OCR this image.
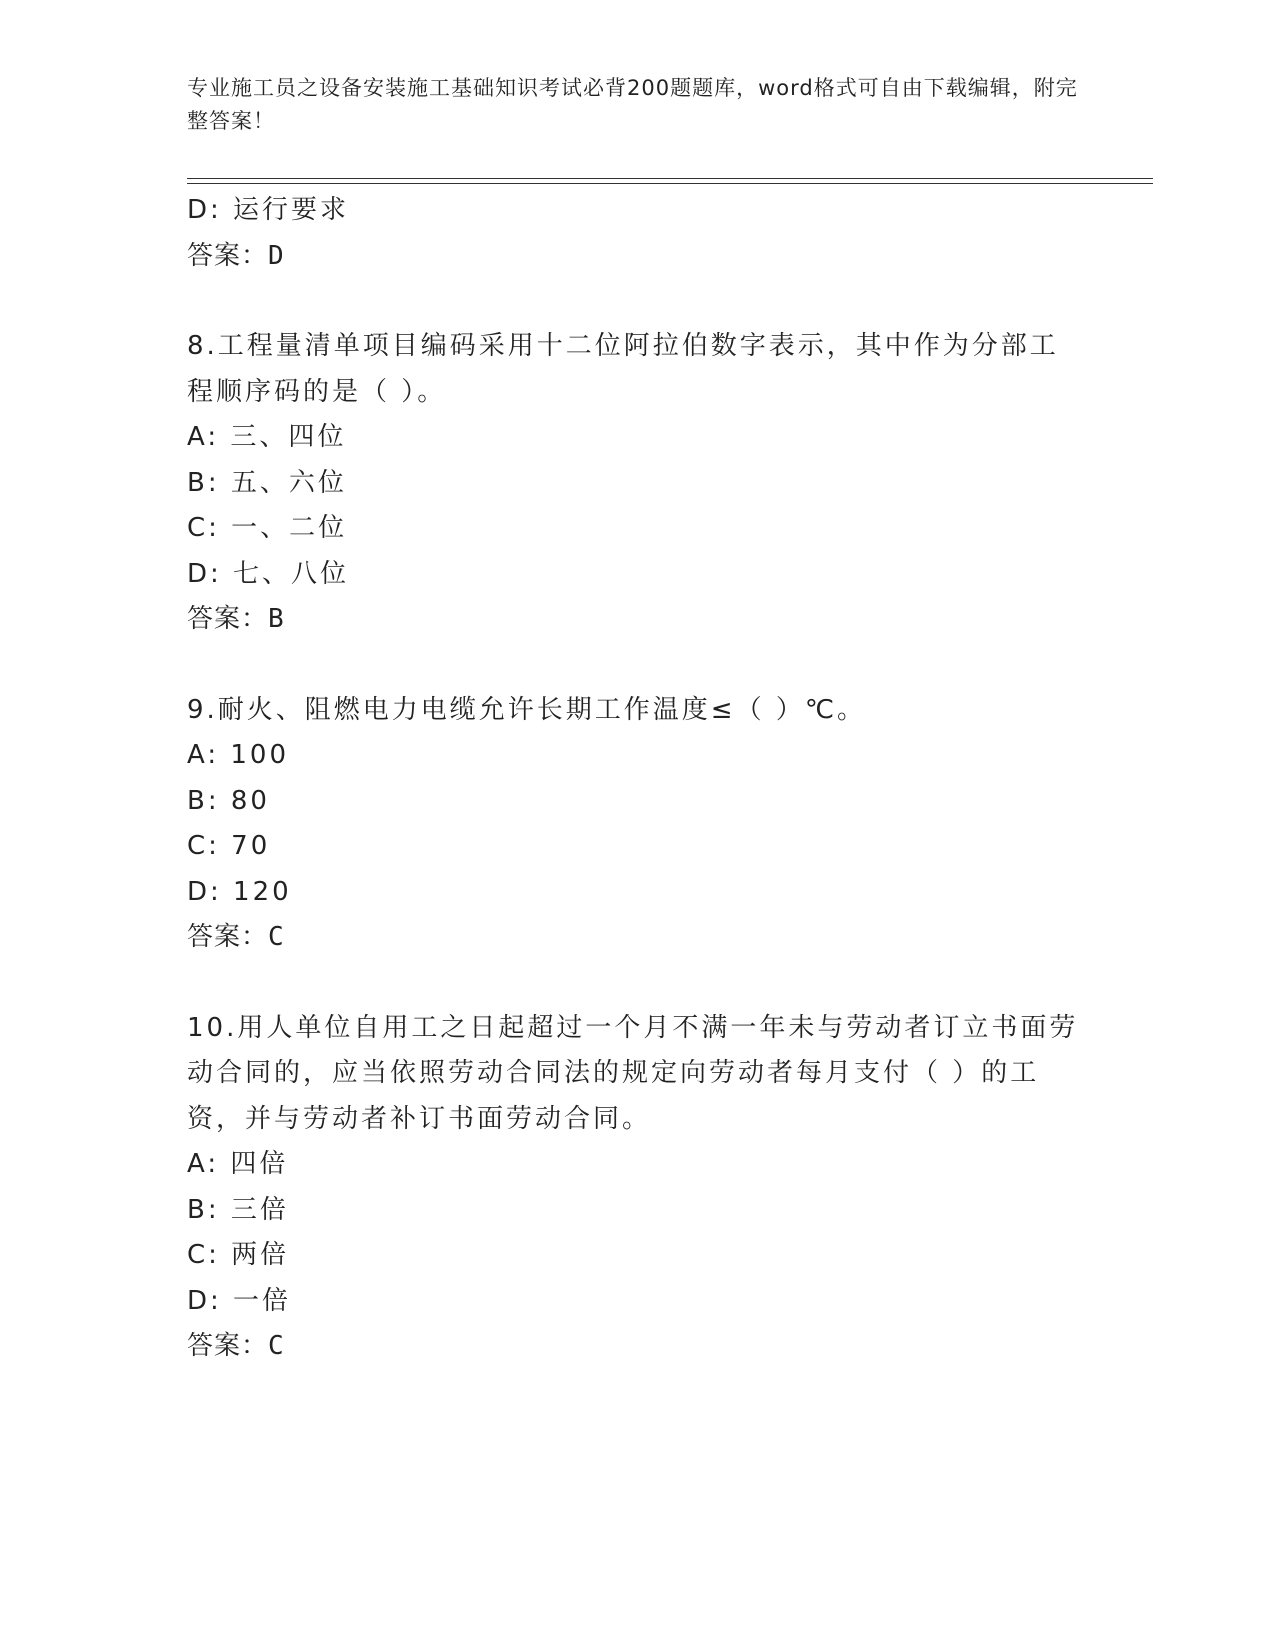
专业施工员之设备安装施工基础知识考试必背200题题库，word格式可自由下载编辑，附完整答案！
D: 运行要求
答案：D
8.工程量清单项目编码采用十二位阿拉伯数字表示，其中作为分部工程顺序码的是（ ）。
A: 三、四位
B: 五、六位
C: 一、二位
D: 七、八位
答案：B
9.耐火、阻燃电力电缆允许长期工作温度≤（ ）℃。
A: 100
B: 80
C: 70
D: 120
答案：C
10.用人单位自用工之日起超过一个月不满一年未与劳动者订立书面劳动合同的，应当依照劳动合同法的规定向劳动者每月支付（ ）的工资，并与劳动者补订书面劳动合同。
A: 四倍
B: 三倍
C: 两倍
D: 一倍
答案：C
